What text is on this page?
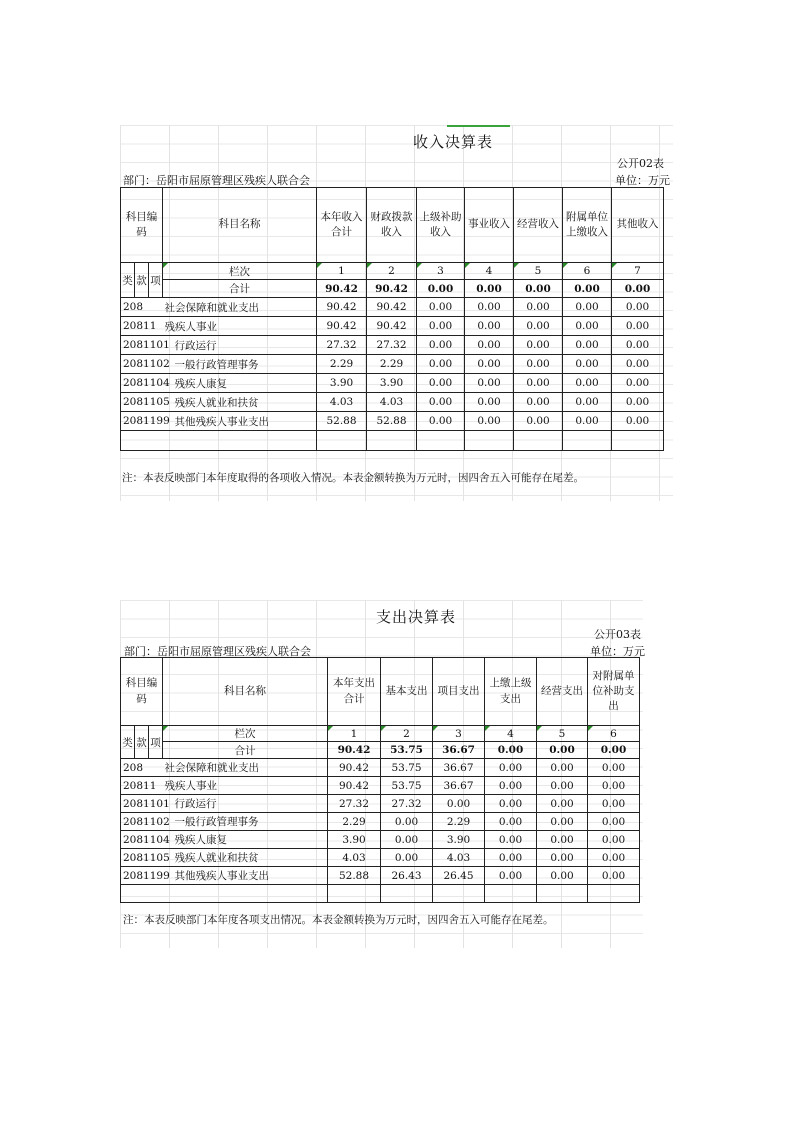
收入决算表
公开02表
部门：岳阳市屈原管理区残疾人联合会	单位：万元
科目编码			科目名称	本年收入合计	财政拨款收入	上级补助收入	事业收入	经营收入	附属单位上缴收入	其他收入
类	款	项	栏次	1	2	3	4	5	6	7
			合计	90.42	90.42	0.00	0.00	0.00	0.00	0.00
208			社会保障和就业支出	90.42	90.42	0.00	0.00	0.00	0.00	0.00
20811			残疾人事业	90.42	90.42	0.00	0.00	0.00	0.00	0.00
2081101			行政运行	27.32	27.32	0.00	0.00	0.00	0.00	0.00
2081102			一般行政管理事务	2.29	2.29	0.00	0.00	0.00	0.00	0.00
2081104			残疾人康复	3.90	3.90	0.00	0.00	0.00	0.00	0.00
2081105			残疾人就业和扶贫	4.03	4.03	0.00	0.00	0.00	0.00	0.00
2081199			其他残疾人事业支出	52.88	52.88	0.00	0.00	0.00	0.00	0.00

注：本表反映部门本年度取得的各项收入情况。本表金额转换为万元时，因四舍五入可能存在尾差。
支出决算表
公开03表
部门：岳阳市屈原管理区残疾人联合会	单位：万元
科目编码			科目名称	本年支出合计	基本支出	项目支出	上缴上级支出	经营支出	对附属单位补助支出
类	款	项	栏次	1	2	3	4	5	6
			合计	90.42	53.75	36.67	0.00	0.00	0.00
208			社会保障和就业支出	90.42	53.75	36.67	0.00	0.00	0.00
20811			残疾人事业	90.42	53.75	36.67	0.00	0.00	0.00
2081101			行政运行	27.32	27.32	0.00	0.00	0.00	0.00
2081102			一般行政管理事务	2.29	0.00	2.29	0.00	0.00	0.00
2081104			残疾人康复	3.90	0.00	3.90	0.00	0.00	0.00
2081105			残疾人就业和扶贫	4.03	0.00	4.03	0.00	0.00	0.00
2081199			其他残疾人事业支出	52.88	26.43	26.45	0.00	0.00	0.00

注：本表反映部门本年度各项支出情况。本表金额转换为万元时，因四舍五入可能存在尾差。
